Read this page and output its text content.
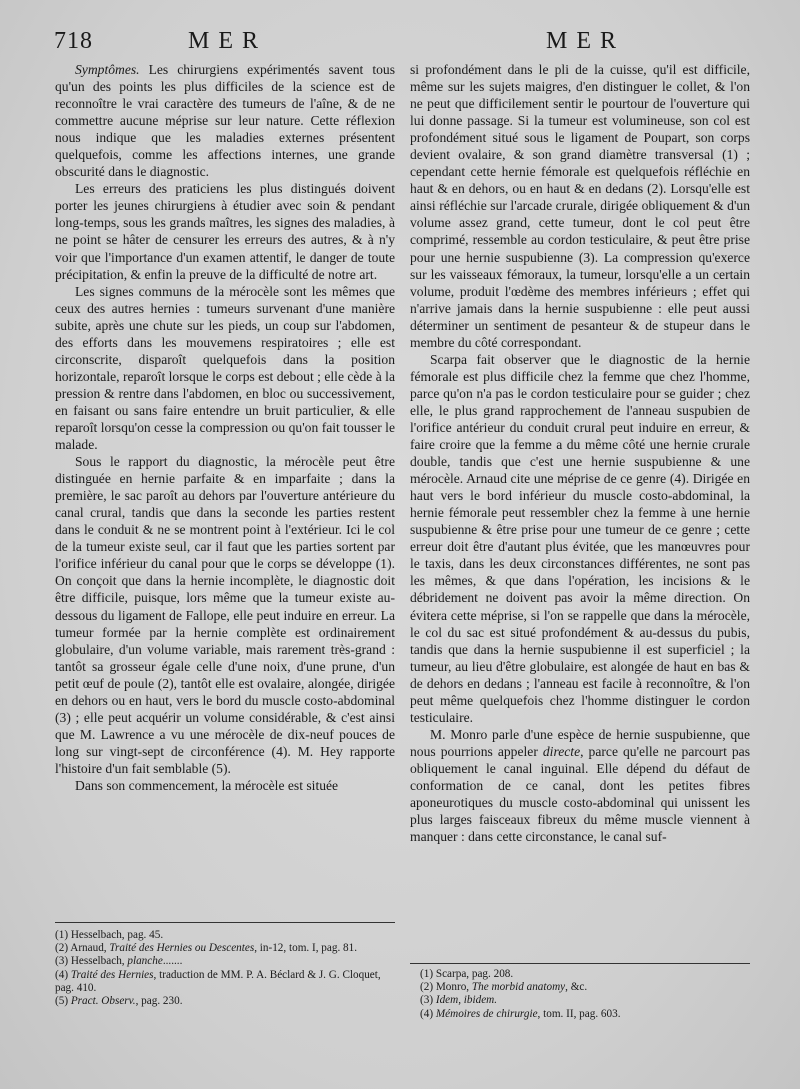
718	MER	MER

Symptômes. Les chirurgiens expérimentés savent tous qu'un des points les plus difficiles de la science est de reconnoître le vrai caractère des tumeurs de l'aîne, & de ne commettre aucune méprise sur leur nature. Cette réflexion nous indique que les maladies externes présentent quelquefois, comme les affections internes, une grande obscurité dans le diagnostic.

Les erreurs des praticiens les plus distingués doivent porter les jeunes chirurgiens à étudier avec soin & pendant long-temps, sous les grands maîtres, les signes des maladies, à ne point se hâter de censurer les erreurs des autres, & à n'y voir que l'importance d'un examen attentif, le danger de toute précipitation, & enfin la preuve de la difficulté de notre art.

Les signes communs de la mérocèle sont les mêmes que ceux des autres hernies : tumeurs survenant d'une manière subite, après une chute sur les pieds, un coup sur l'abdomen, des efforts dans les mouvemens respiratoires ; elle est circonscrite, disparoît quelquefois dans la position horizontale, reparoît lorsque le corps est debout ; elle cède à la pression & rentre dans l'abdomen, en bloc ou successivement, en faisant ou sans faire entendre un bruit particulier, & elle reparoît lorsqu'on cesse la compression ou qu'on fait tousser le malade.

Sous le rapport du diagnostic, la mérocèle peut être distinguée en hernie parfaite & en imparfaite ; dans la première, le sac paroît au dehors par l'ouverture antérieure du canal crural, tandis que dans la seconde les parties restent dans le conduit & ne se montrent point à l'extérieur. Ici le col de la tumeur existe seul, car il faut que les parties sortent par l'orifice inférieur du canal pour que le corps se développe (1). On conçoit que dans la hernie incomplète, le diagnostic doit être difficile, puisque, lors même que la tumeur existe au-dessous du ligament de Fallope, elle peut induire en erreur. La tumeur formée par la hernie complète est ordinairement globulaire, d'un volume variable, mais rarement très-grand : tantôt sa grosseur égale celle d'une noix, d'une prune, d'un petit œuf de poule (2), tantôt elle est ovalaire, alongée, dirigée en dehors ou en haut, vers le bord du muscle costo-abdominal (3) ; elle peut acquérir un volume considérable, & c'est ainsi que M. Lawrence a vu une mérocèle de dix-neuf pouces de long sur vingt-sept de circonférence (4). M. Hey rapporte l'histoire d'un fait semblable (5).

Dans son commencement, la mérocèle est située

si profondément dans le pli de la cuisse, qu'il est difficile, même sur les sujets maigres, d'en distinguer le collet, & l'on ne peut que difficilement sentir le pourtour de l'ouverture qui lui donne passage. Si la tumeur est volumineuse, son col est profondément situé sous le ligament de Poupart, son corps devient ovalaire, & son grand diamètre transversal (1) ; cependant cette hernie fémorale est quelquefois réfléchie en haut & en dehors, ou en haut & en dedans (2). Lorsqu'elle est ainsi réfléchie sur l'arcade crurale, dirigée obliquement & d'un volume assez grand, cette tumeur, dont le col peut être comprimé, ressemble au cordon testiculaire, & peut être prise pour une hernie suspubienne (3). La compression qu'exerce sur les vaisseaux fémoraux, la tumeur, lorsqu'elle a un certain volume, produit l'œdème des membres inférieurs ; effet qui n'arrive jamais dans la hernie suspubienne : elle peut aussi déterminer un sentiment de pesanteur & de stupeur dans le membre du côté correspondant.

Scarpa fait observer que le diagnostic de la hernie fémorale est plus difficile chez la femme que chez l'homme, parce qu'on n'a pas le cordon testiculaire pour se guider ; chez elle, le plus grand rapprochement de l'anneau suspubien de l'orifice antérieur du conduit crural peut induire en erreur, & faire croire que la femme a du même côté une hernie crurale double, tandis que c'est une hernie suspubienne & une mérocèle. Arnaud cite une méprise de ce genre (4). Dirigée en haut vers le bord inférieur du muscle costo-abdominal, la hernie fémorale peut ressembler chez la femme à une hernie suspubienne & être prise pour une tumeur de ce genre ; cette erreur doit être d'autant plus évitée, que les manœuvres pour le taxis, dans les deux circonstances différentes, ne sont pas les mêmes, & que dans l'opération, les incisions & le débridement ne doivent pas avoir la même direction. On évitera cette méprise, si l'on se rappelle que dans la mérocèle, le col du sac est situé profondément & au-dessus du pubis, tandis que dans la hernie suspubienne il est superficiel ; la tumeur, au lieu d'être globulaire, est alongée de haut en bas & de dehors en dedans ; l'anneau est facile à reconnoître, & l'on peut même quelquefois chez l'homme distinguer le cordon testiculaire.

M. Monro parle d'une espèce de hernie suspubienne, que nous pourrions appeler directe, parce qu'elle ne parcourt pas obliquement le canal inguinal. Elle dépend du défaut de conformation de ce canal, dont les petites fibres aponeurotiques du muscle costo-abdominal qui unissent les plus larges faisceaux fibreux du même muscle viennent à manquer : dans cette circonstance, le canal suf-

(1) Hesselbach, pag. 45.

(2) Arnaud, Traité des Hernies ou Descentes, in-12, tom. I, pag. 81.

(3) Hesselbach, planche.......

(4) Traité des Hernies, traduction de MM. P. A. Béclard & J. G. Cloquet, pag. 410.

(5) Pract. Observ., pag. 230.

(1) Scarpa, pag. 208.

(2) Monro, The morbid anatomy, &c.

(3) Idem, ibidem.

(4) Mémoires de chirurgie, tom. II, pag. 603.
